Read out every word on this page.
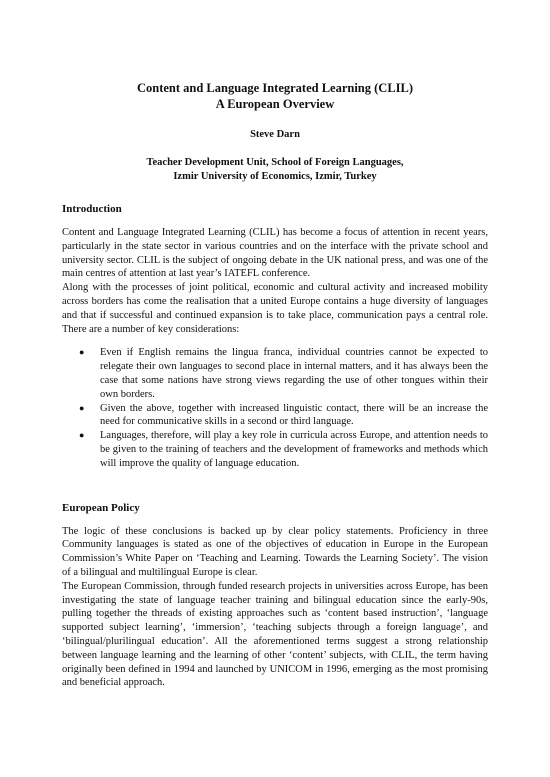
Content and Language Integrated Learning (CLIL)
A European Overview
Steve Darn
Teacher Development Unit, School of Foreign Languages,
Izmir University of Economics, Izmir, Turkey
Introduction

Content and Language Integrated Learning (CLIL) has become a focus of attention in recent years, particularly in the state sector in various countries and on the interface with the private school and university sector. CLIL is the subject of ongoing debate in the UK national press, and was one of the main centres of attention at last year’s IATEFL conference.

Along with the processes of joint political, economic and cultural activity and increased mobility across borders has come the realisation that a united Europe contains a huge diversity of languages and that if successful and continued expansion is to take place, communication pays a central role. There are a number of key considerations:

● Even if English remains the lingua franca, individual countries cannot be expected to relegate their own languages to second place in internal matters, and it has always been the case that some nations have strong views regarding the use of other tongues within their own borders.
● Given the above, together with increased linguistic contact, there will be an increase the need for communicative skills in a second or third language.
● Languages, therefore, will play a key role in curricula across Europe, and attention needs to be given to the training of teachers and the development of frameworks and methods which will improve the quality of language education.
European Policy

The logic of these conclusions is backed up by clear policy statements. Proficiency in three Community languages is stated as one of the objectives of education in Europe in the European Commission’s White Paper on ‘Teaching and Learning. Towards the Learning Society’. The vision of a bilingual and multilingual Europe is clear.

The European Commission, through funded research projects in universities across Europe, has been investigating the state of language teacher training and bilingual education since the early-90s, pulling together the threads of existing approaches such as ‘content based instruction’, ‘language supported subject learning’, ‘immersion’, ‘teaching subjects through a foreign language’, and ‘bilingual/plurilingual education’. All the aforementioned terms suggest a strong relationship between language learning and the learning of other ‘content’ subjects, with CLIL, the term having originally been defined in 1994 and launched by UNICOM in 1996, emerging as the most promising and beneficial approach.
